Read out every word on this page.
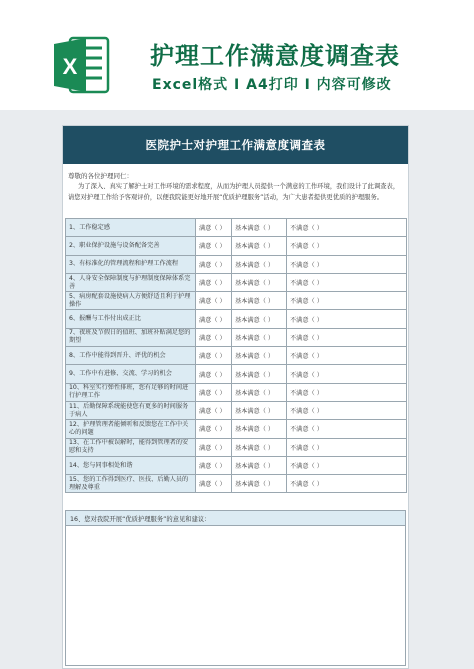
X	护理工作满意度调查表
Excel格式 I A4打印 I 内容可修改
医院护士对护理工作满意度调查表
尊敬的各位护理同仁：
为了深入、真实了解护士对工作环境的需求程度，从而为护理人员提供一个满意的工作环境，我们设计了此调查表，请您对护理工作给予客观评价，以便我院能更好地开展“优质护理服务”活动，为广大患者提供更优质的护理服务。
1、工作稳定感	满意（ ）	基本满意（ ）	不满意（ ）
2、职业保护设施与设备配备完善	满意（ ）	基本满意（ ）	不满意（ ）
3、有标准化的管理流程和护理工作流程	满意（ ）	基本满意（ ）	不满意（ ）
4、人身安全保障制度与护理制度保障体系完善	满意（ ）	基本满意（ ）	不满意（ ）
5、病房配套设施使病人方便舒适且利于护理操作	满意（ ）	基本满意（ ）	不满意（ ）
6、报酬与工作付出成正比	满意（ ）	基本满意（ ）	不满意（ ）
7、夜班及节假日的值班、加班补贴满足您的期望	满意（ ）	基本满意（ ）	不满意（ ）
8、工作中能得到晋升、评优的机会	满意（ ）	基本满意（ ）	不满意（ ）
9、工作中有进修、交流、学习的机会	满意（ ）	基本满意（ ）	不满意（ ）
10、科室实行弹性排班，您有足够的时间进行护理工作	满意（ ）	基本满意（ ）	不满意（ ）
11、后勤保障系统能使您有更多的时间服务于病人	满意（ ）	基本满意（ ）	不满意（ ）
12、护理管理者能倾听和反馈您在工作中关心的问题	满意（ ）	基本满意（ ）	不满意（ ）
13、在工作中被误解时，能得到管理者的安慰和支持	满意（ ）	基本满意（ ）	不满意（ ）
14、您与同事相处和谐	满意（ ）	基本满意（ ）	不满意（ ）
15、您的工作得到医疗、医技、后勤人员的理解及尊重	满意（ ）	基本满意（ ）	不满意（ ）
16、您对我院开展“优质护理服务”的意见和建议：
